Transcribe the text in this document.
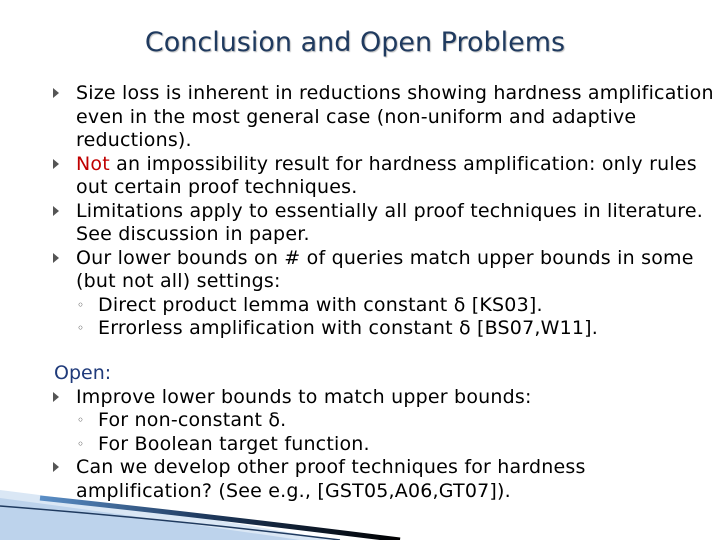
Conclusion and Open Problems
Size loss is inherent in reductions showing hardness amplification even in the most general case (non-uniform and adaptive reductions).
Not an impossibility result for hardness amplification: only rules out certain proof techniques.
Limitations apply to essentially all proof techniques in literature. See discussion in paper.
Our lower bounds on # of queries match upper bounds in some (but not all) settings:
◦ Direct product lemma with constant δ [KS03].
◦ Errorless amplification with constant δ [BS07,W11].
Open:
Improve lower bounds to match upper bounds:
◦ For non-constant δ.
◦ For Boolean target function.
Can we develop other proof techniques for hardness amplification? (See e.g., [GST05,A06,GT07]).
